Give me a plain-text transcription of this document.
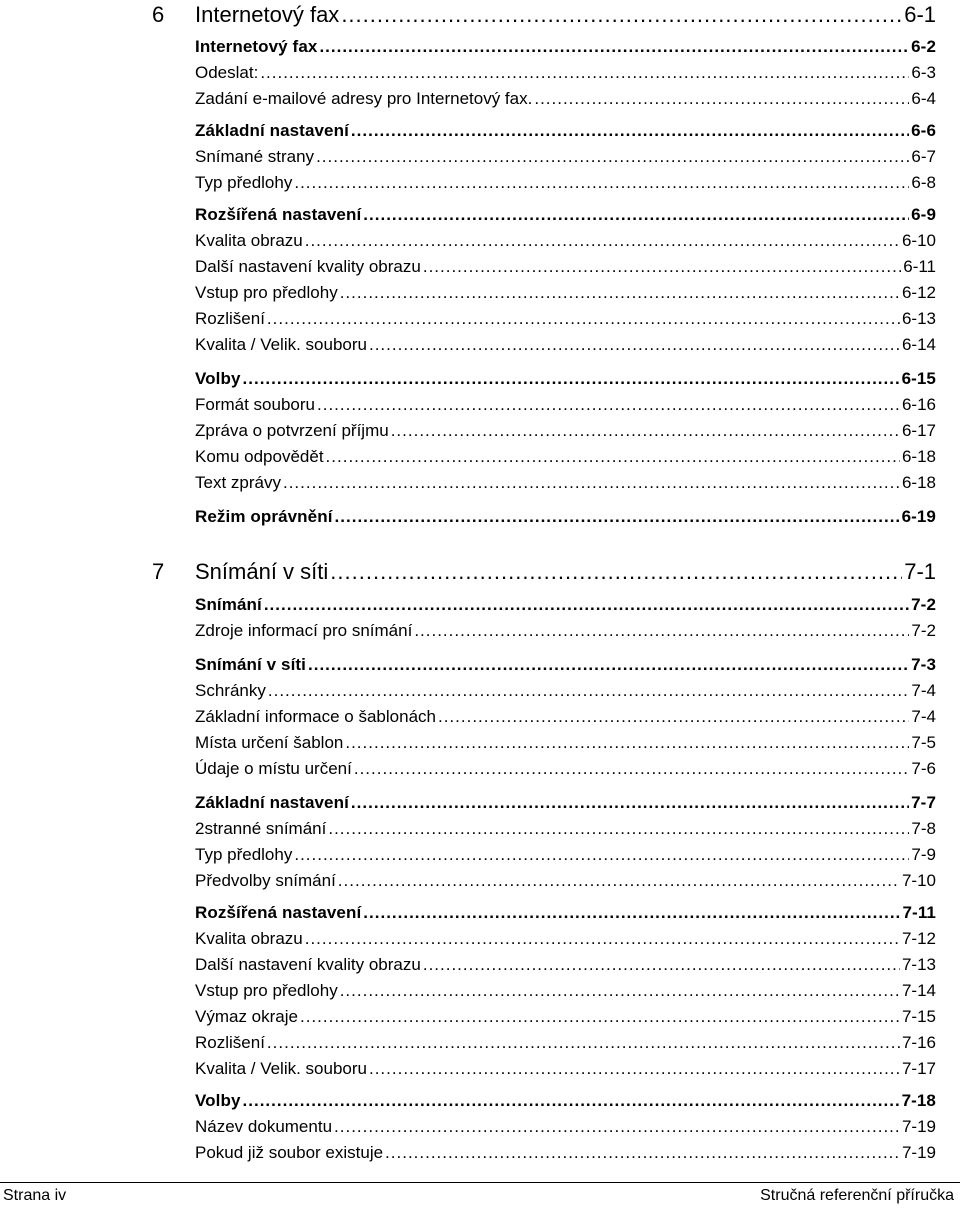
6 Internetový fax .....	6-1
Internetový fax .....	6-2
Odeslat: .....	6-3
Zadání e-mailové adresy pro Internetový fax. .....	6-4
Základní nastavení .....	6-6
Snímané strany .....	6-7
Typ předlohy .....	6-8
Rozšířená nastavení .....	6-9
Kvalita obrazu .....	6-10
Další nastavení kvality obrazu .....	6-11
Vstup pro předlohy .....	6-12
Rozlišení .....	6-13
Kvalita / Velik. souboru .....	6-14
Volby .....	6-15
Formát souboru .....	6-16
Zpráva o potvrzení příjmu .....	6-17
Komu odpovědět .....	6-18
Text zprávy .....	6-18
Režim oprávnění .....	6-19
7 Snímání v síti .....	7-1
Snímání .....	7-2
Zdroje informací pro snímání .....	7-2
Snímání v síti .....	7-3
Schránky .....	7-4
Základní informace o šablonách .....	7-4
Místa určení šablon .....	7-5
Údaje o místu určení .....	7-6
Základní nastavení .....	7-7
2stranné snímání .....	7-8
Typ předlohy .....	7-9
Předvolby snímání .....	7-10
Rozšířená nastavení .....	7-11
Kvalita obrazu .....	7-12
Další nastavení kvality obrazu .....	7-13
Vstup pro předlohy .....	7-14
Výmaz okraje .....	7-15
Rozlišení .....	7-16
Kvalita / Velik. souboru .....	7-17
Volby .....	7-18
Název dokumentu .....	7-19
Pokud již soubor existuje .....	7-19
Strana iv	Stručná referenční příručka
